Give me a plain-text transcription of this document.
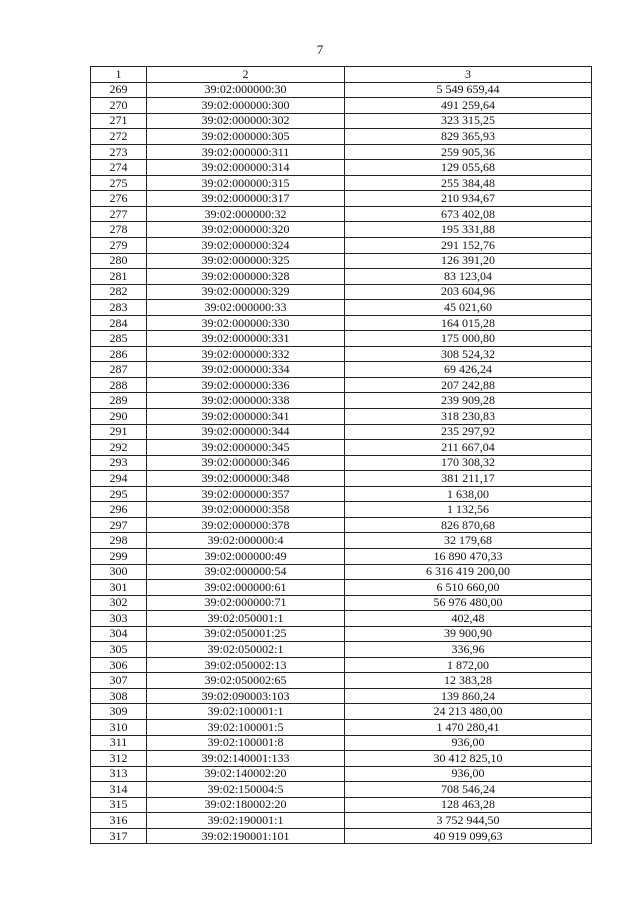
7
1	2	3
269	39:02:000000:30	5 549 659,44
270	39:02:000000:300	491 259,64
271	39:02:000000:302	323 315,25
272	39:02:000000:305	829 365,93
273	39:02:000000:311	259 905,36
274	39:02:000000:314	129 055,68
275	39:02:000000:315	255 384,48
276	39:02:000000:317	210 934,67
277	39:02:000000:32	673 402,08
278	39:02:000000:320	195 331,88
279	39:02:000000:324	291 152,76
280	39:02:000000:325	126 391,20
281	39:02:000000:328	83 123,04
282	39:02:000000:329	203 604,96
283	39:02:000000:33	45 021,60
284	39:02:000000:330	164 015,28
285	39:02:000000:331	175 000,80
286	39:02:000000:332	308 524,32
287	39:02:000000:334	69 426,24
288	39:02:000000:336	207 242,88
289	39:02:000000:338	239 909,28
290	39:02:000000:341	318 230,83
291	39:02:000000:344	235 297,92
292	39:02:000000:345	211 667,04
293	39:02:000000:346	170 308,32
294	39:02:000000:348	381 211,17
295	39:02:000000:357	1 638,00
296	39:02:000000:358	1 132,56
297	39:02:000000:378	826 870,68
298	39:02:000000:4	32 179,68
299	39:02:000000:49	16 890 470,33
300	39:02:000000:54	6 316 419 200,00
301	39:02:000000:61	6 510 660,00
302	39:02:000000:71	56 976 480,00
303	39:02:050001:1	402,48
304	39:02:050001:25	39 900,90
305	39:02:050002:1	336,96
306	39:02:050002:13	1 872,00
307	39:02:050002:65	12 383,28
308	39:02:090003:103	139 860,24
309	39:02:100001:1	24 213 480,00
310	39:02:100001:5	1 470 280,41
311	39:02:100001:8	936,00
312	39:02:140001:133	30 412 825,10
313	39:02:140002:20	936,00
314	39:02:150004:5	708 546,24
315	39:02:180002:20	128 463,28
316	39:02:190001:1	3 752 944,50
317	39:02:190001:101	40 919 099,63
